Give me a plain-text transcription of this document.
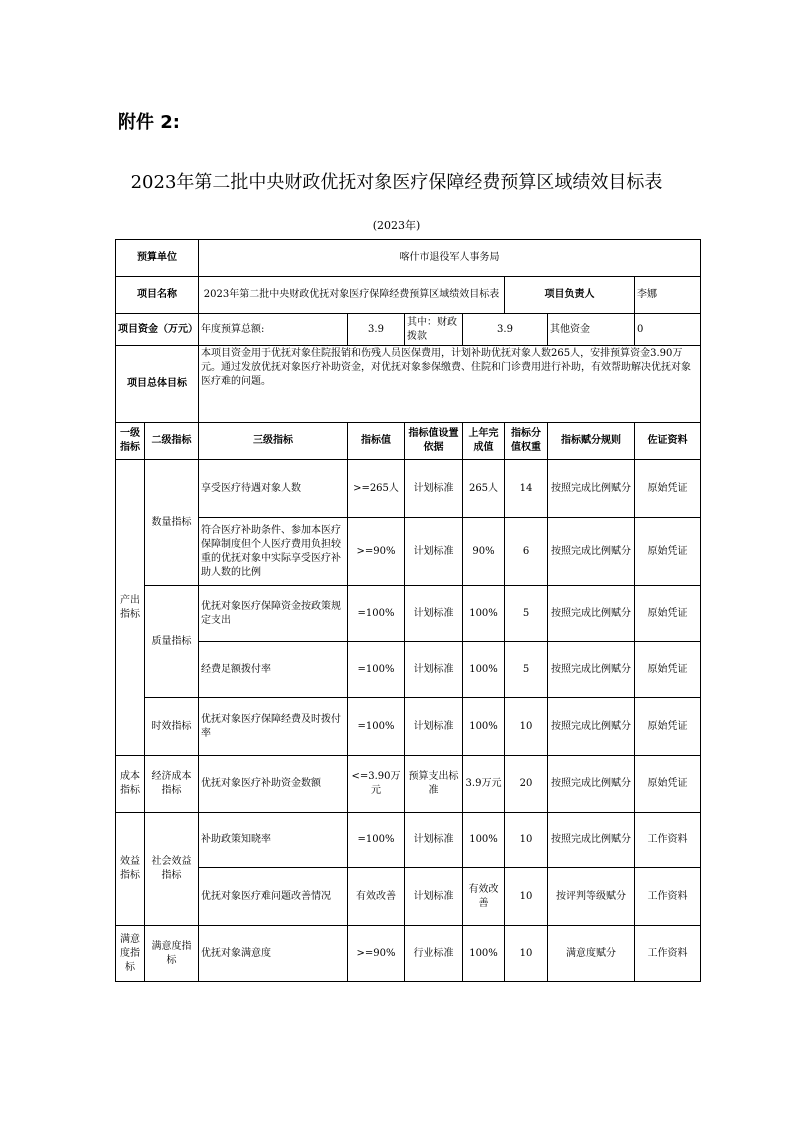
附件 2:
2023年第二批中央财政优抚对象医疗保障经费预算区域绩效目标表
(2023年)
预算单位		喀什市退役军人事务局						
项目名称		2023年第二批中央财政优抚对象医疗保障经费预算区域绩效目标表				项目负责人		李娜
项目资金（万元）		年度预算总额:	3.9	其中：财政拨款	3.9		其他资金	0
项目总体目标		本项目资金用于优抚对象住院报销和伤残人员医保费用，计划补助优抚对象人数265人，安排预算资金3.90万元。通过发放优抚对象医疗补助资金，对优抚对象参保缴费、住院和门诊费用进行补助，有效帮助解决优抚对象医疗难的问题。						
一级指标	二级指标	三级指标	指标值	指标值设置依据	上年完成值	指标分值权重	指标赋分规则	佐证资料
产出指标	数量指标	享受医疗待遇对象人数	>=265人	计划标准	265人	14	按照完成比例赋分	原始凭证
		符合医疗补助条件、参加本医疗保障制度但个人医疗费用负担较重的优抚对象中实际享受医疗补助人数的比例	>=90%	计划标准	90%	6	按照完成比例赋分	原始凭证
	质量指标	优抚对象医疗保障资金按政策规定支出	=100%	计划标准	100%	5	按照完成比例赋分	原始凭证
		经费足额拨付率	=100%	计划标准	100%	5	按照完成比例赋分	原始凭证
	时效指标	优抚对象医疗保障经费及时拨付率	=100%	计划标准	100%	10	按照完成比例赋分	原始凭证
成本指标	经济成本指标	优抚对象医疗补助资金数额	<=3.90万元	预算支出标准	3.9万元	20	按照完成比例赋分	原始凭证
效益指标	社会效益指标	补助政策知晓率	=100%	计划标准	100%	10	按照完成比例赋分	工作资料
		优抚对象医疗难问题改善情况	有效改善	计划标准	有效改善	10	按评判等级赋分	工作资料
满意度指标	满意度指标	优抚对象满意度	>=90%	行业标准	100%	10	满意度赋分	工作资料
